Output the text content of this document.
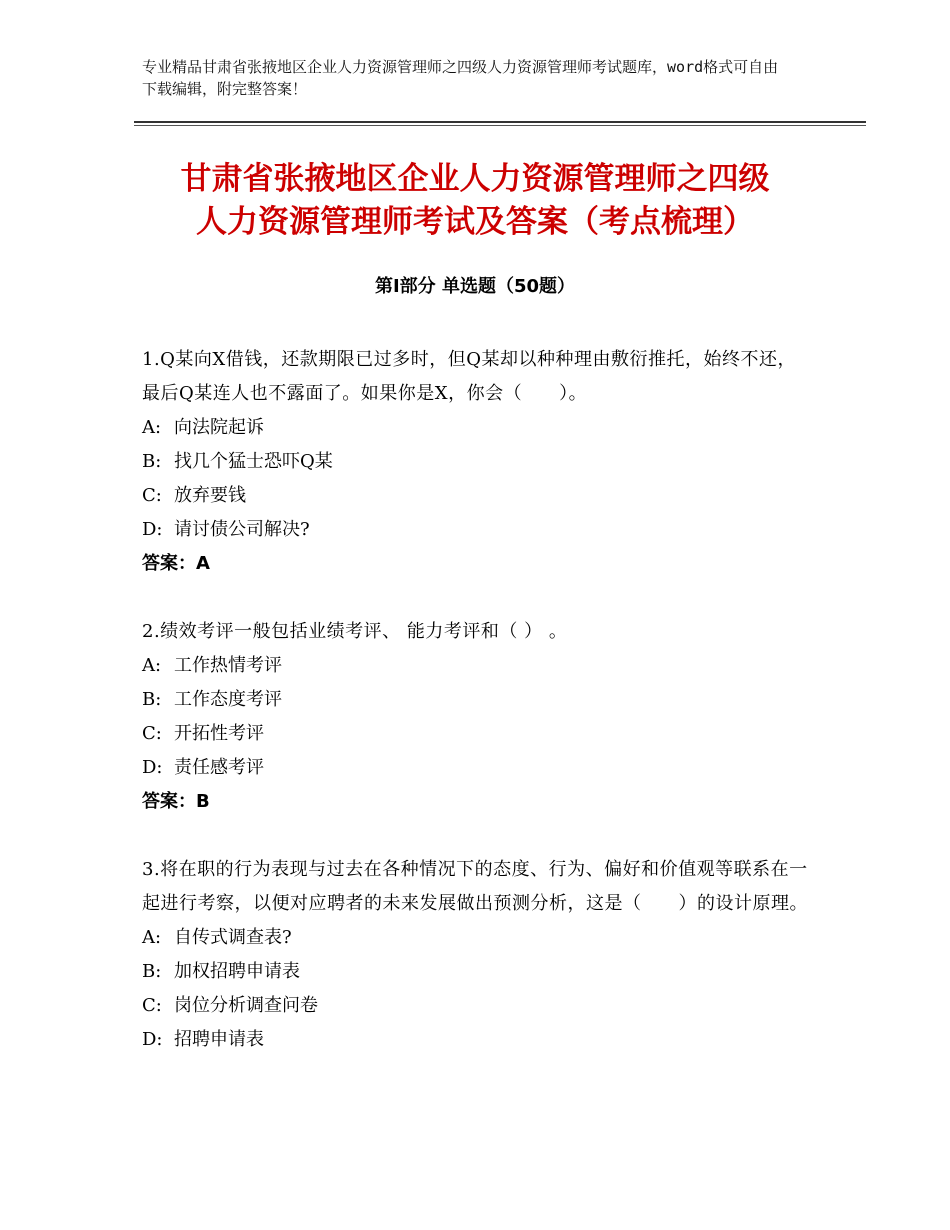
专业精品甘肃省张掖地区企业人力资源管理师之四级人力资源管理师考试题库，word格式可自由下载编辑，附完整答案！
甘肃省张掖地区企业人力资源管理师之四级
人力资源管理师考试及答案（考点梳理）
第Ⅰ部分 单选题（50题）
1.Q某向X借钱，还款期限已过多时，但Q某却以种种理由敷衍推托，始终不还，最后Q某连人也不露面了。如果你是X，你会（　　）。
A: 向法院起诉
B: 找几个猛士恐吓Q某
C: 放弃要钱
D: 请讨债公司解决?
答案：A
2.绩效考评一般包括业绩考评、 能力考评和（ ） 。
A: 工作热情考评
B: 工作态度考评
C: 开拓性考评
D: 责任感考评
答案：B
3.将在职的行为表现与过去在各种情况下的态度、行为、偏好和价值观等联系在一起进行考察，以便对应聘者的未来发展做出预测分析，这是（　　）的设计原理。
A: 自传式调查表?
B: 加权招聘申请表
C: 岗位分析调查问卷
D: 招聘申请表
